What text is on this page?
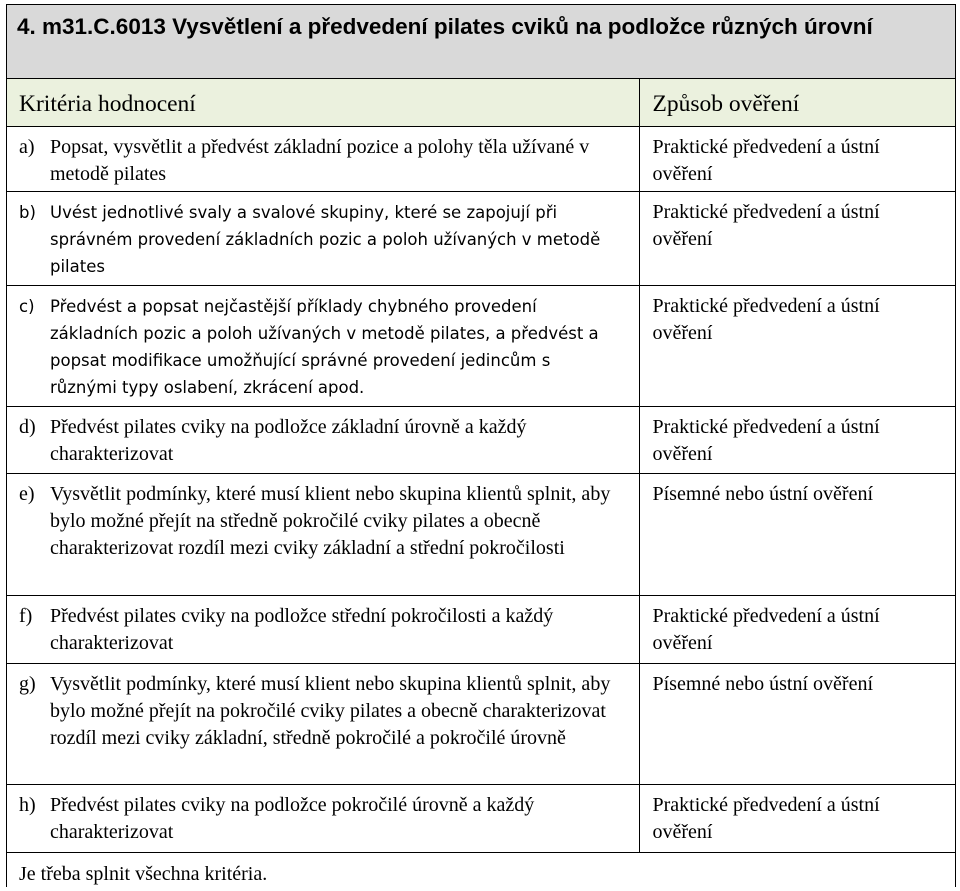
4. m31.C.6013 Vysvětlení a předvedení pilates cviků na podložce různých úrovní
Kritéria hodnocení	Způsob ověření

a) Popsat, vysvětlit a předvést základní pozice a polohy těla užívané v metodě pilates	Praktické předvedení a ústní ověření

b) Uvést jednotlivé svaly a svalové skupiny, které se zapojují při správném provedení základních pozic a poloh užívaných v metodě pilates	Praktické předvedení a ústní ověření

c) Předvést a popsat nejčastější příklady chybného provedení základních pozic a poloh užívaných v metodě pilates, a předvést a popsat modifikace umožňující správné provedení jedincům s různými typy oslabení, zkrácení apod.	Praktické předvedení a ústní ověření

d) Předvést pilates cviky na podložce základní úrovně a každý charakterizovat	Praktické předvedení a ústní ověření

e) Vysvětlit podmínky, které musí klient nebo skupina klientů splnit, aby bylo možné přejít na středně pokročilé cviky pilates a obecně charakterizovat rozdíl mezi cviky základní a střední pokročilosti	Písemné nebo ústní ověření

f) Předvést pilates cviky na podložce střední pokročilosti a každý charakterizovat	Praktické předvedení a ústní ověření

g) Vysvětlit podmínky, které musí klient nebo skupina klientů splnit, aby bylo možné přejít na pokročilé cviky pilates a obecně charakterizovat rozdíl mezi cviky základní, středně pokročilé a pokročilé úrovně	Písemné nebo ústní ověření

h) Předvést pilates cviky na podložce pokročilé úrovně a každý charakterizovat	Praktické předvedení a ústní ověření

Je třeba splnit všechna kritéria.	
